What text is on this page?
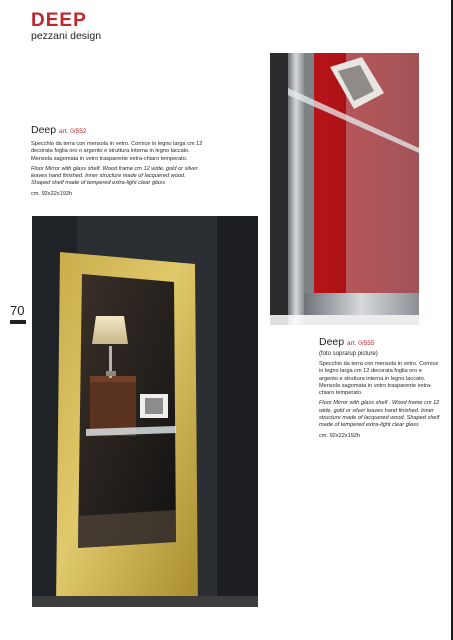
DEEP
pezzani design
Deep art. 0/552
Specchio da terra con mensola in vetro. Cornice in legno larga cm 12 decorata foglia oro o argento e struttura interna in legno laccato. Mensola sagomata in vetro trasparente extra-chiaro temperato.
Floor Mirror with glass shelf. Wood frame cm 12 wide, gold or silver leaves hand finished. Inner structure made of lacquered wood. Shaped shelf made of tempered extra-light clear glass
cm. 92x22x192h
70
Deep art. 0/555
(foto sopra/up picture)
Specchio da terra con mensola in vetro. Cornice in legno larga cm 12 decorata foglia oro e argento e struttura interna in legno laccato. Mensola sagomata in vetro trasparente extra-chiaro temperato.
Floor Mirror with glass shelf . Wood frame cm 12 wide, gold or silver leaves hand finished. Inner structure made of lacquered wood. Shaped shelf made of tempered extra-light clear glass
cm. 92x22x192h
